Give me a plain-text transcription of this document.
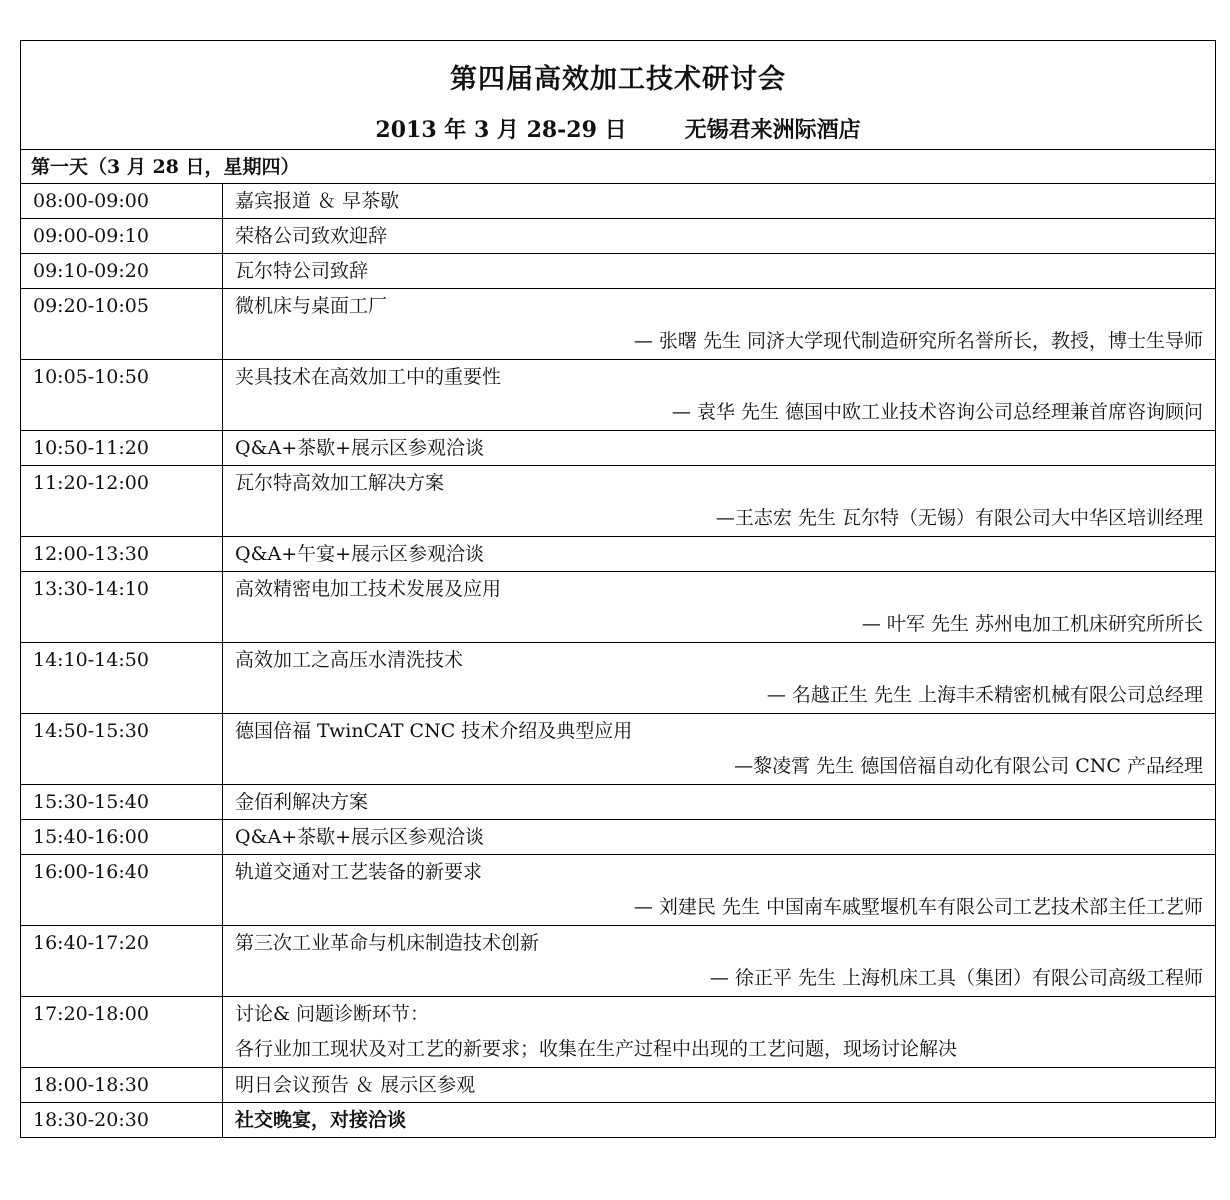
第四届高效加工技术研讨会
2013 年 3 月 28-29 日	无锡君来洲际酒店
第一天（3 月 28 日，星期四）
08:00-09:00	嘉宾报道 ＆ 早茶歇
09:00-09:10	荣格公司致欢迎辞
09:10-09:20	瓦尔特公司致辞
09:20-10:05	微机床与桌面工厂
— 张曙 先生 同济大学现代制造研究所名誉所长，教授，博士生导师
10:05-10:50	夹具技术在高效加工中的重要性
— 袁华 先生 德国中欧工业技术咨询公司总经理兼首席咨询顾问
10:50-11:20	Q&A+茶歇+展示区参观洽谈
11:20-12:00	瓦尔特高效加工解决方案
—王志宏 先生 瓦尔特（无锡）有限公司大中华区培训经理
12:00-13:30	Q&A+午宴+展示区参观洽谈
13:30-14:10	高效精密电加工技术发展及应用
— 叶军 先生 苏州电加工机床研究所所长
14:10-14:50	高效加工之高压水清洗技术
— 名越正生 先生 上海丰禾精密机械有限公司总经理
14:50-15:30	德国倍福 TwinCAT CNC 技术介绍及典型应用
—黎凌霄 先生 德国倍福自动化有限公司 CNC 产品经理
15:30-15:40	金佰利解决方案
15:40-16:00	Q&A+茶歇+展示区参观洽谈
16:00-16:40	轨道交通对工艺装备的新要求
— 刘建民 先生 中国南车戚墅堰机车有限公司工艺技术部主任工艺师
16:40-17:20	第三次工业革命与机床制造技术创新
— 徐正平 先生 上海机床工具（集团）有限公司高级工程师
17:20-18:00	讨论& 问题诊断环节：
各行业加工现状及对工艺的新要求；收集在生产过程中出现的工艺问题，现场讨论解决
18:00-18:30	明日会议预告 ＆ 展示区参观
18:30-20:30	社交晚宴，对接洽谈
